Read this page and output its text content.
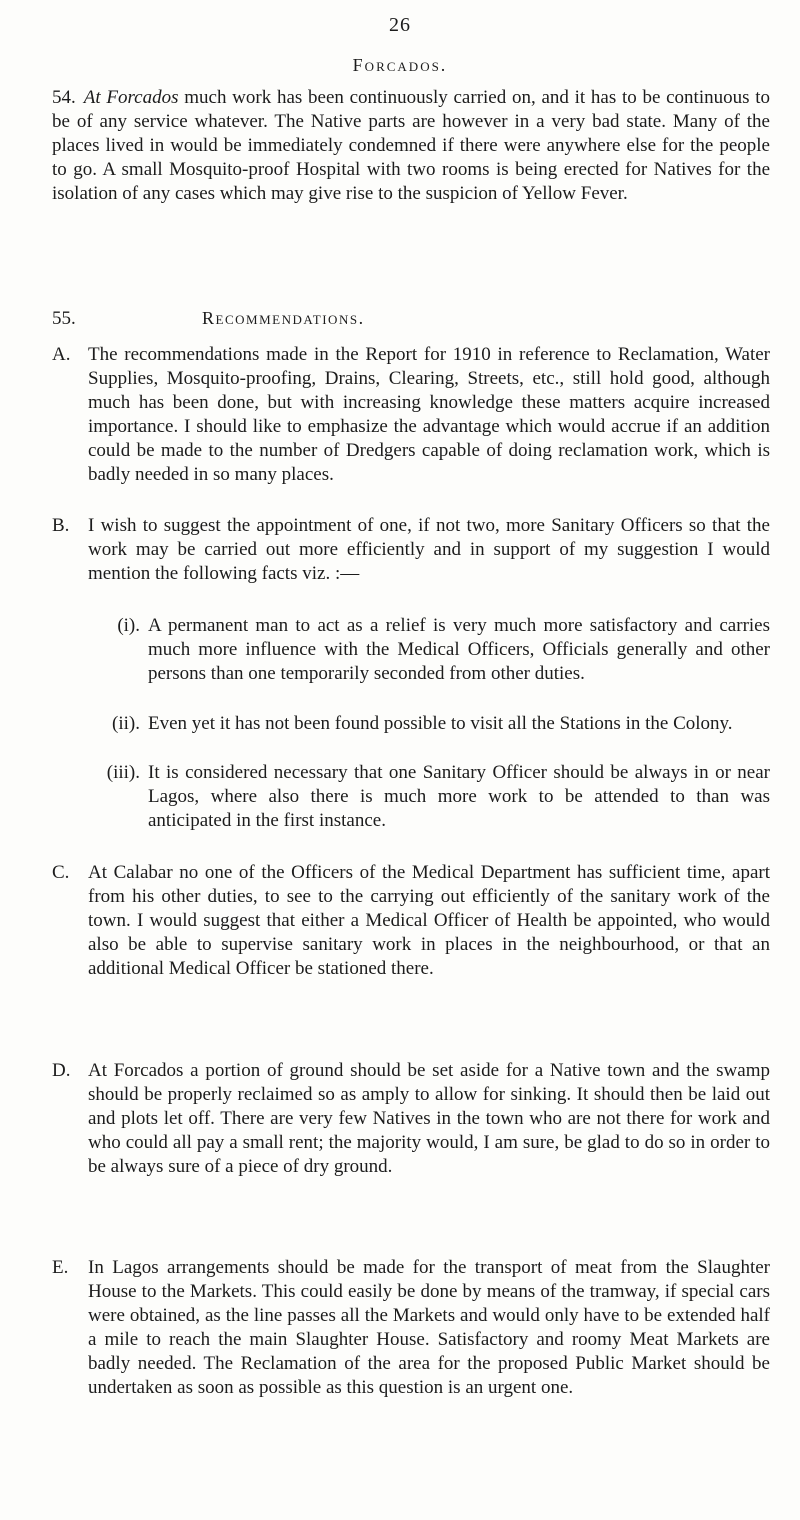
26
Forcados.
54. At Forcados much work has been continuously carried on, and it has to be continuous to be of any service whatever. The Native parts are however in a very bad state. Many of the places lived in would be immediately condemned if there were anywhere else for the people to go. A small Mosquito-proof Hospital with two rooms is being erected for Natives for the isolation of any cases which may give rise to the suspicion of Yellow Fever.
55.	Recommendations.
A. The recommendations made in the Report for 1910 in reference to Reclamation, Water Supplies, Mosquito-proofing, Drains, Clearing, Streets, etc., still hold good, although much has been done, but with increasing knowledge these matters acquire increased importance. I should like to emphasize the advantage which would accrue if an addition could be made to the number of Dredgers capable of doing reclamation work, which is badly needed in so many places.
B. I wish to suggest the appointment of one, if not two, more Sanitary Officers so that the work may be carried out more efficiently and in support of my suggestion I would mention the following facts viz. :—
(i). A permanent man to act as a relief is very much more satisfactory and carries much more influence with the Medical Officers, Officials generally and other persons than one temporarily seconded from other duties.
(ii). Even yet it has not been found possible to visit all the Stations in the Colony.
(iii). It is considered necessary that one Sanitary Officer should be always in or near Lagos, where also there is much more work to be attended to than was anticipated in the first instance.
C. At Calabar no one of the Officers of the Medical Department has sufficient time, apart from his other duties, to see to the carrying out efficiently of the sanitary work of the town. I would suggest that either a Medical Officer of Health be appointed, who would also be able to supervise sanitary work in places in the neighbourhood, or that an additional Medical Officer be stationed there.
D. At Forcados a portion of ground should be set aside for a Native town and the swamp should be properly reclaimed so as amply to allow for sinking. It should then be laid out and plots let off. There are very few Natives in the town who are not there for work and who could all pay a small rent; the majority would, I am sure, be glad to do so in order to be always sure of a piece of dry ground.
E.	In Lagos arrangements should be made for the transport of meat from the Slaughter House to the Markets. This could easily be done by means of the tramway, if special cars were obtained, as the line passes all the Markets and would only have to be extended half a mile to reach the main Slaughter House. Satisfactory and roomy Meat Markets are badly needed. The Reclamation of the area for the proposed Public Market should be undertaken as soon as possible as this question is an urgent one.
